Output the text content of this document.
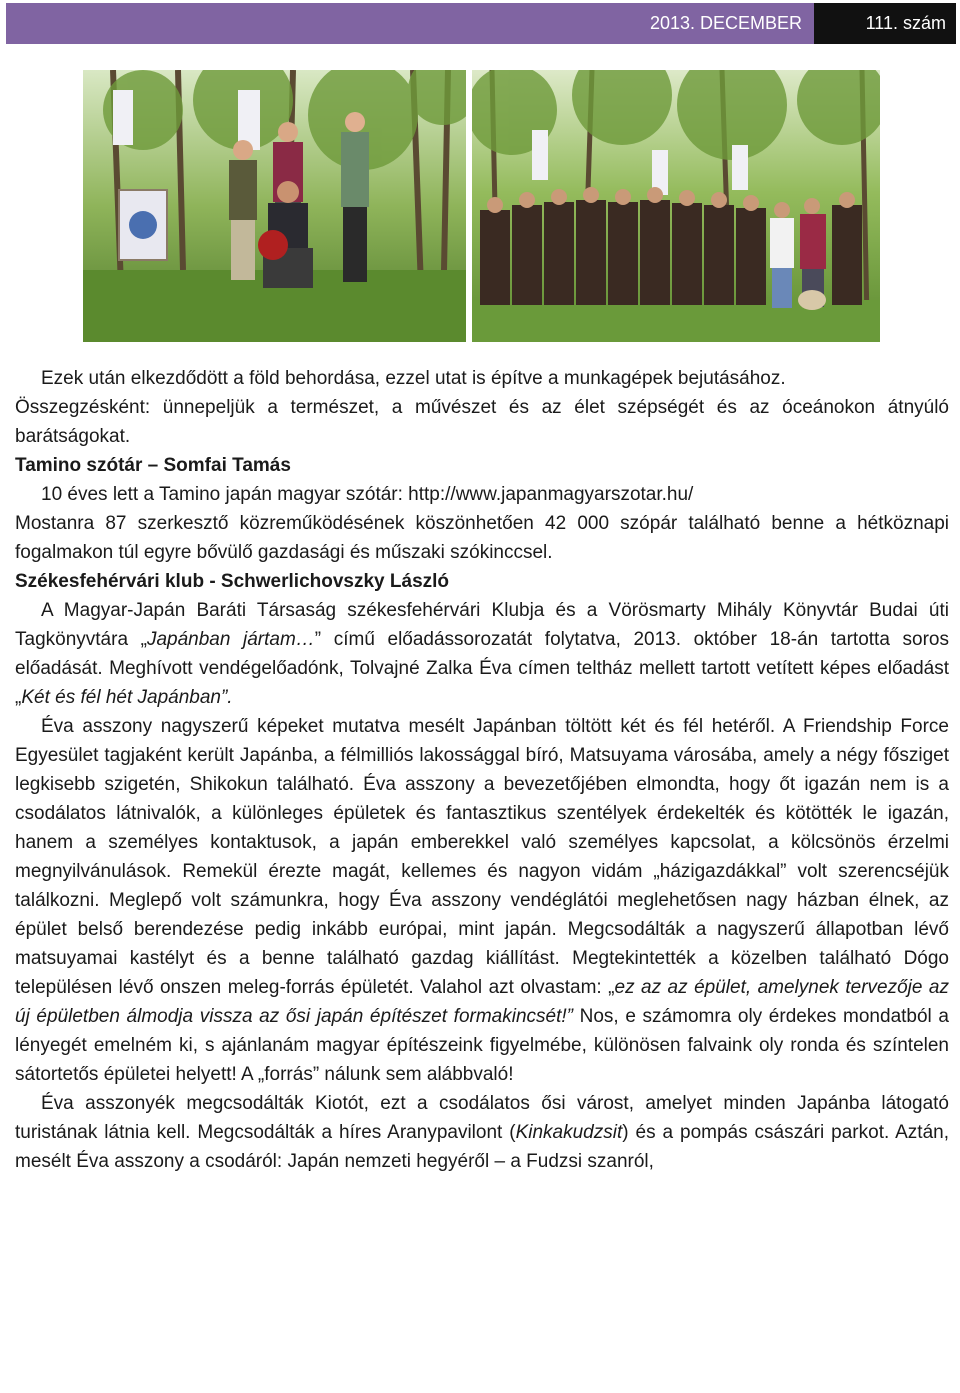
2013. DECEMBER	111. szám

Ezek után elkezdődött a föld behordása, ezzel utat is építve a munkagépek bejutásához.

Összegzésként: ünnepeljük a természet, a művészet és az élet szépségét és az óceánokon átnyúló barátságokat.

Tamino szótár – Somfai Tamás

10 éves lett a Tamino japán magyar szótár: http://www.japanmagyarszotar.hu/

Mostanra 87 szerkesztő közreműködésének köszönhetően 42 000 szópár található benne a hétköznapi fogalmakon túl egyre bővülő gazdasági és műszaki szókinccsel.

Székesfehérvári klub - Schwerlichovszky László

A Magyar-Japán Baráti Társaság székesfehérvári Klubja és a Vörösmarty Mihály Könyvtár Budai úti Tagkönyvtára „Japánban jártam…” című előadássorozatát folytatva, 2013. október 18-án tartotta soros előadását. Meghívott vendégelőadónk, Tolvajné Zalka Éva címen teltház mellett tartott vetített képes előadást „Két és fél hét Japánban”.

Éva asszony nagyszerű képeket mutatva mesélt Japánban töltött két és fél hetéről. A Friendship Force Egyesület tagjaként került Japánba, a félmilliós lakossággal bíró, Matsuyama városába, amely a négy fősziget legkisebb szigetén, Shikokun található. Éva asszony a bevezetőjében elmondta, hogy őt igazán nem is a csodálatos látnivalók, a különleges épületek és fantasztikus szentélyek érdekelték és kötötték le igazán, hanem a személyes kontaktusok, a japán emberekkel való személyes kapcsolat, a kölcsönös érzelmi megnyilvánulások. Remekül érezte magát, kellemes és nagyon vidám „házigazdákkal” volt szerencséjük találkozni. Meglepő volt számunkra, hogy Éva asszony vendéglátói meglehetősen nagy házban élnek, az épület belső berendezése pedig inkább európai, mint japán. Megcsodálták a nagyszerű állapotban lévő matsuyamai kastélyt és a benne található gazdag kiállítást. Megtekintették a közelben található Dógo településen lévő onszen meleg-forrás épületét. Valahol azt olvastam: „ez az az épület, amelynek tervezője az új épületben álmodja vissza az ősi japán építészet formakincsét!” Nos, e számomra oly érdekes mondatból a lényegét emelném ki, s ajánlanám magyar építészeink figyelmébe, különösen falvaink oly ronda és színtelen sátortetős épületei helyett! A „forrás” nálunk sem alábbvaló!

Éva asszonyék megcsodálták Kiotót, ezt a csodálatos ősi várost, amelyet minden Japánba látogató turistának látnia kell. Megcsodálták a híres Aranypavilont (Kinkakudzsit) és a pompás császári parkot. Aztán, mesélt Éva asszony a csodáról: Japán nemzeti hegyéről – a Fudzsi szanról,
